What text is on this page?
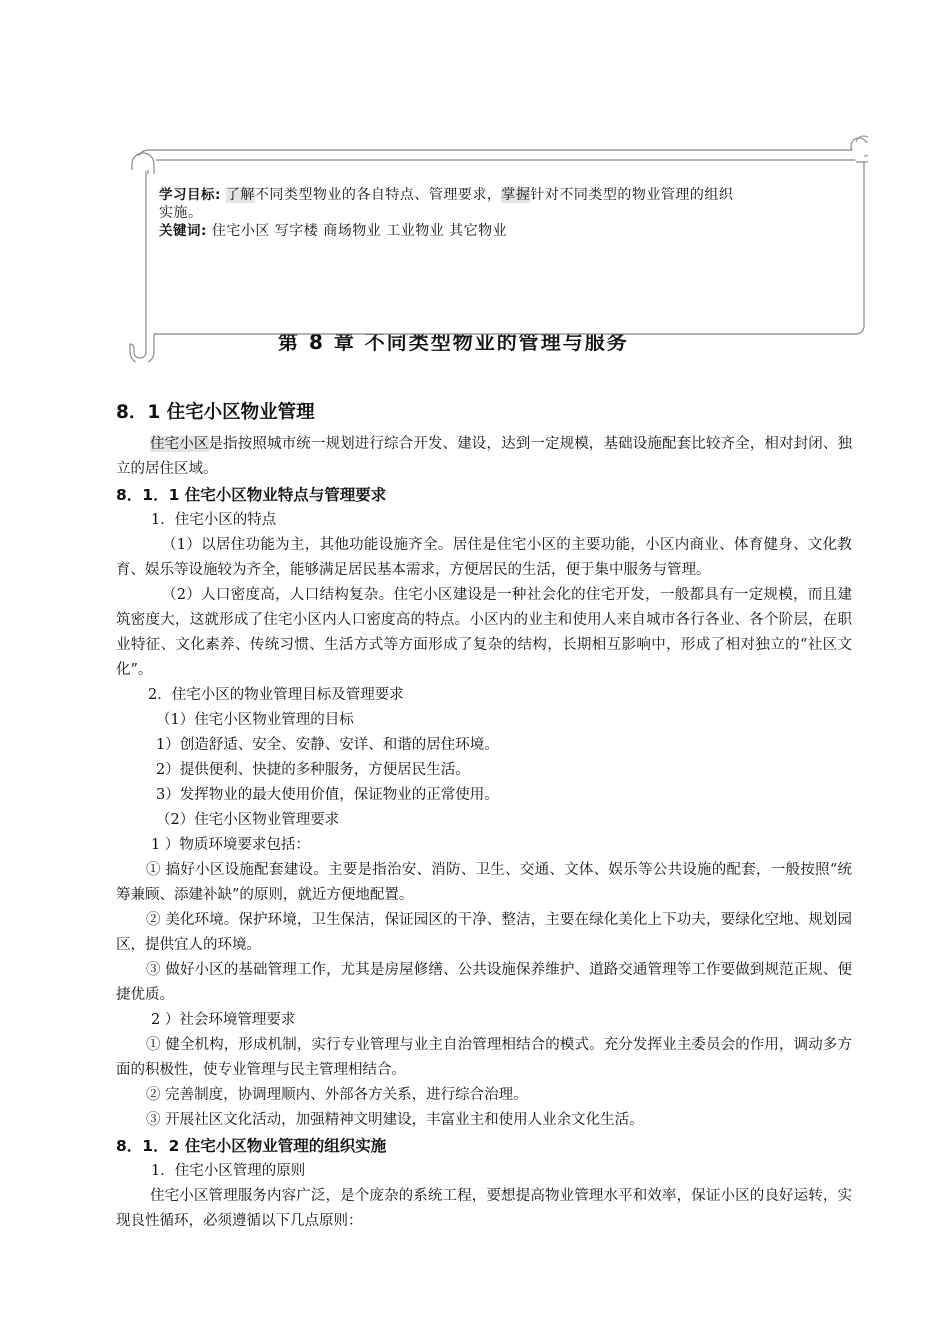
第 8 章 不同类型物业的管理与服务
学习目标: 了解不同类型物业的各自特点、管理要求，掌握针对不同类型的物业管理的组织
实施。
关键词: 住宅小区 写字楼 商场物业 工业物业 其它物业

8．1 住宅小区物业管理

住宅小区是指按照城市统一规划进行综合开发、建设，达到一定规模，基础设施配套比较齐全，相对封闭、独立的居住区域。

8．1．1 住宅小区物业特点与管理要求

1．住宅小区的特点

（1）以居住功能为主，其他功能设施齐全。居住是住宅小区的主要功能，小区内商业、体育健身、文化教育、娱乐等设施较为齐全，能够满足居民基本需求，方便居民的生活，便于集中服务与管理。

（2）人口密度高，人口结构复杂。住宅小区建设是一种社会化的住宅开发，一般都具有一定规模，而且建筑密度大，这就形成了住宅小区内人口密度高的特点。小区内的业主和使用人来自城市各行各业、各个阶层，在职业特征、文化素养、传统习惯、生活方式等方面形成了复杂的结构，长期相互影响中，形成了相对独立的“社区文化”。

2．住宅小区的物业管理目标及管理要求

（1）住宅小区物业管理的目标

1）创造舒适、安全、安静、安详、和谐的居住环境。

2）提供便利、快捷的多种服务，方便居民生活。

3）发挥物业的最大使用价值，保证物业的正常使用。

（2）住宅小区物业管理要求

1 ）物质环境要求包括：

① 搞好小区设施配套建设。主要是指治安、消防、卫生、交通、文体、娱乐等公共设施的配套，一般按照“统筹兼顾、添建补缺”的原则，就近方便地配置。

② 美化环境。保护环境，卫生保洁，保证园区的干净、整洁，主要在绿化美化上下功夫，要绿化空地、规划园区，提供宜人的环境。

③ 做好小区的基础管理工作，尤其是房屋修缮、公共设施保养维护、道路交通管理等工作要做到规范正规、便捷优质。

2 ）社会环境管理要求

① 健全机构，形成机制，实行专业管理与业主自治管理相结合的模式。充分发挥业主委员会的作用，调动多方面的积极性，使专业管理与民主管理相结合。

② 完善制度，协调理顺内、外部各方关系，进行综合治理。

③ 开展社区文化活动，加强精神文明建设，丰富业主和使用人业余文化生活。

8．1．2 住宅小区物业管理的组织实施

1．住宅小区管理的原则

住宅小区管理服务内容广泛，是个庞杂的系统工程，要想提高物业管理水平和效率，保证小区的良好运转，实现良性循环，必须遵循以下几点原则：
